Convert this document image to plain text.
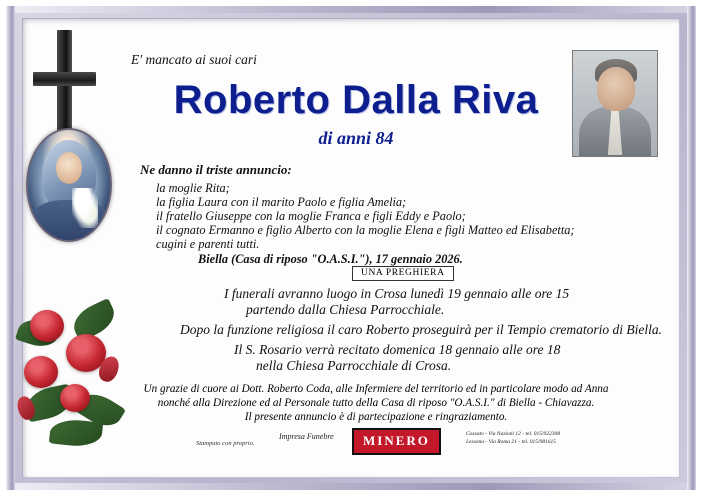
E' mancato ai suoi cari
Roberto Dalla Riva
di anni 84
Ne danno il triste annuncio:
la moglie Rita;
la figlia Laura con il marito Paolo e figlia Amelia;
il fratello Giuseppe con la moglie Franca e figli Eddy e Paolo;
il cognato Ermanno e figlio Alberto con la moglie Elena e figli Matteo ed Elisabetta;
cugini e parenti tutti.
Biella (Casa di riposo "O.A.S.I."), 17 gennaio 2026.
UNA PREGHIERA
I funerali avranno luogo in Crosa lunedì 19 gennaio alle ore 15
partendo dalla Chiesa Parrocchiale.
Dopo la funzione religiosa il caro Roberto proseguirà per il Tempio crematorio di Biella.
Il S. Rosario verrà recitato domenica 18 gennaio alle ore 18
nella Chiesa Parrocchiale di Crosa.
Un grazie di cuore ai Dott. Roberto Coda, alle Infermiere del territorio ed in particolare modo ad Anna
nonché alla Direzione ed al Personale tutto della Casa di riposo "O.A.S.I." di Biella - Chiavazza.
Il presente annuncio è di partecipazione e ringraziamento.
Stampato con proprio.
Impresa Funebre	MINERO	Cossato - Via Nazioni 12 - tel. 015/922308
Lessona - Via Roma 21 - tel. 015/981615
